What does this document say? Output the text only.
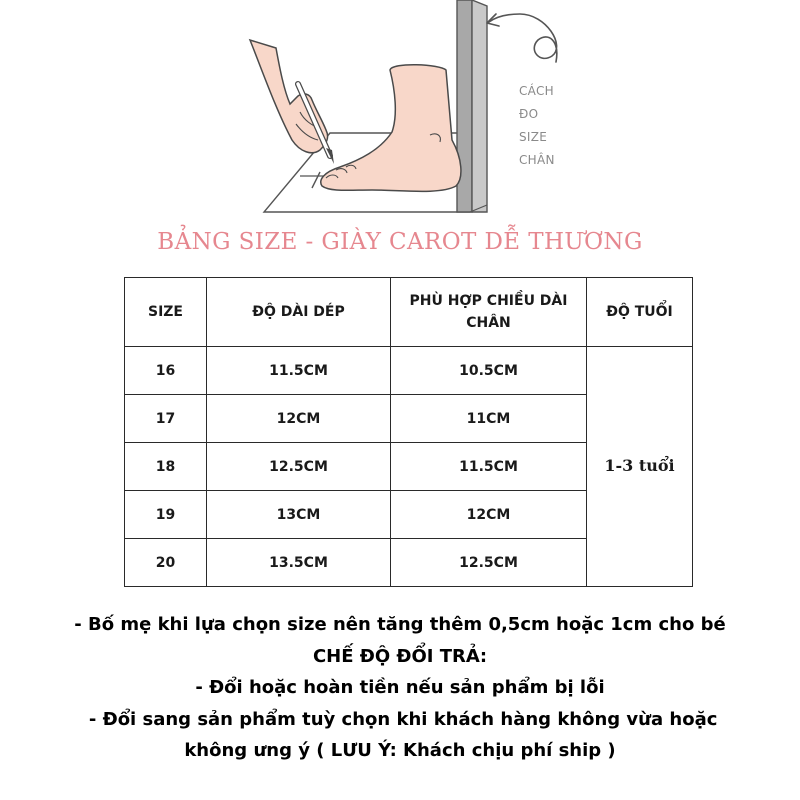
CÁCH
ĐO
SIZE
CHÂN
BẢNG SIZE - GIÀY CAROT DỄ THƯƠNG
SIZE	ĐỘ DÀI DÉP	PHÙ HỢP CHIỀU DÀI CHÂN	ĐỘ TUỔI
16	11.5CM	10.5CM	1-3 tuổi
17	12CM	11CM	
18	12.5CM	11.5CM	
19	13CM	12CM	
20	13.5CM	12.5CM	
- Bố mẹ khi lựa chọn size nên tăng thêm 0,5cm hoặc 1cm cho bé
CHẾ ĐỘ ĐỔI TRẢ:
- Đổi hoặc hoàn tiền nếu sản phẩm bị lỗi
- Đổi sang sản phẩm tuỳ chọn khi khách hàng không vừa hoặc
không ưng ý ( LƯU Ý: Khách chịu phí ship )
